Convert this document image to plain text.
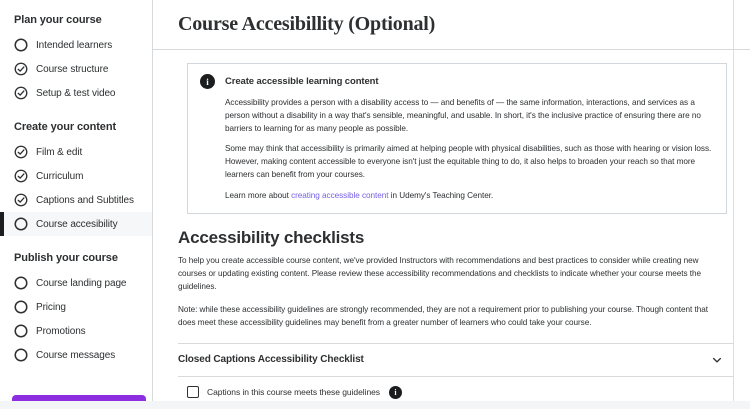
Plan your course
Intended learners
Course structure
Setup & test video
Create your content
Film & edit
Curriculum
Captions and Subtitles
Course accesibility
Publish your course
Course landing page
Pricing
Promotions
Course messages
Course Accesibillity (Optional)
i	Create accessible learning content

Accessibility provides a person with a disability access to — and benefits of — the same information, interactions, and services as a person without a disability in a way that's sensible, meaningful, and usable. In short, it's the inclusive practice of ensuring there are no barriers to learning for as many people as possible.

Some may think that accessibility is primarily aimed at helping people with physical disabilities, such as those with hearing or vision loss. However, making content accessible to everyone isn't just the equitable thing to do, it also helps to broaden your reach so that more learners can benefit from your courses.

Learn more about creating accessible content in Udemy's Teaching Center.

Accessibility checklists

To help you create accessible course content, we've provided Instructors with recommendations and best practices to consider while creating new courses or updating existing content. Please review these accessibility recommendations and checklists to indicate whether your course meets the guidelines.

Note: while these accessibility guidelines are strongly recommended, they are not a requirement prior to publishing your course. Though content that does meet these accessibility guidelines may benefit from a greater number of learners who could take your course.

Closed Captions Accessibility Checklist
Captions in this course meets these guidelines	i
